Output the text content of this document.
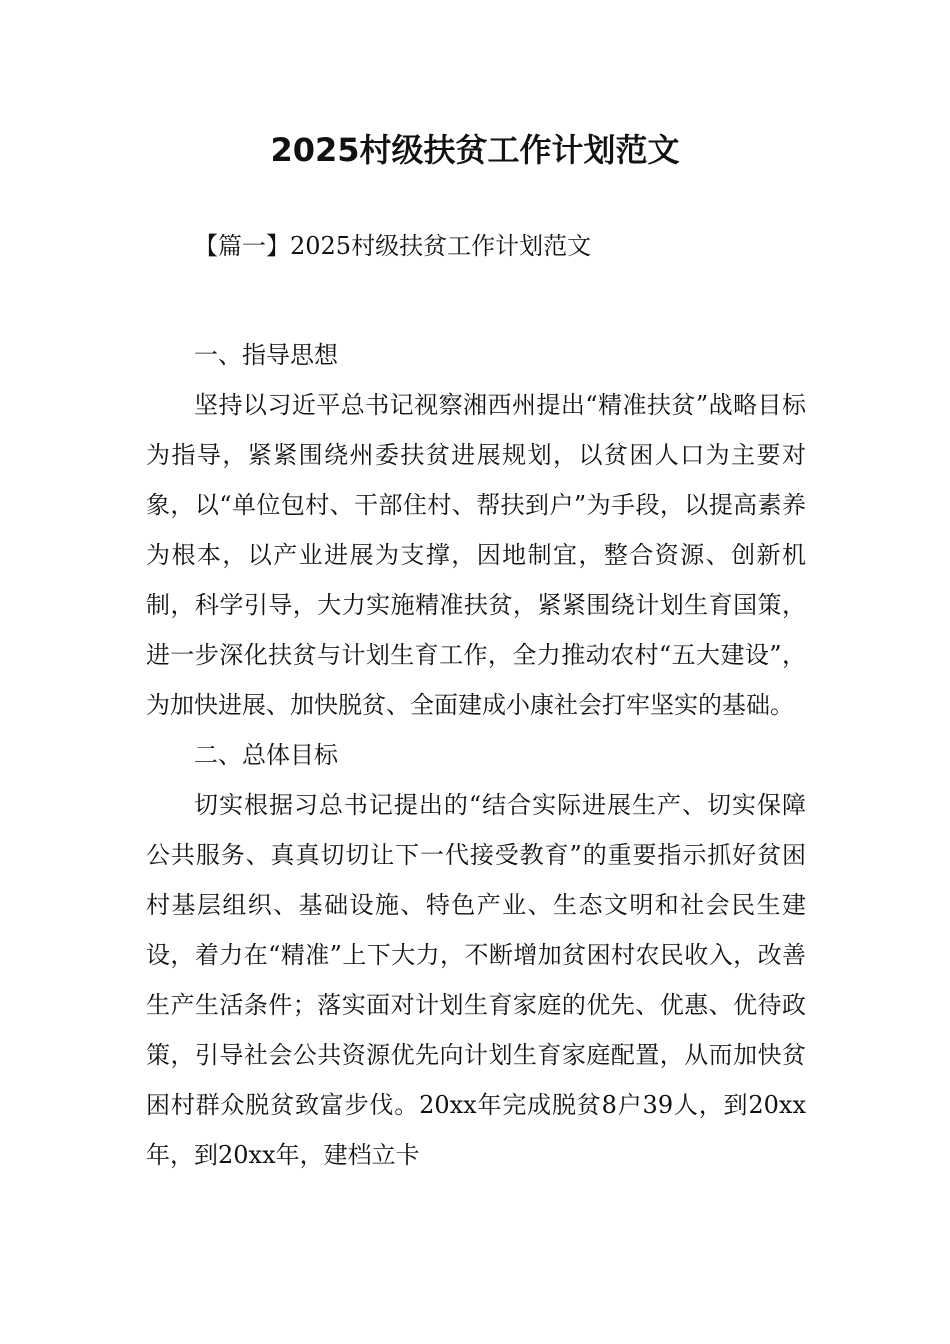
2025村级扶贫工作计划范文

【篇一】2025村级扶贫工作计划范文

一、指导思想

坚持以习近平总书记视察湘西州提出“精准扶贫”战略目标为指导，紧紧围绕州委扶贫进展规划，以贫困人口为主要对象，以“单位包村、干部住村、帮扶到户”为手段，以提高素养为根本，以产业进展为支撑，因地制宜，整合资源、创新机制，科学引导，大力实施精准扶贫，紧紧围绕计划生育国策，进一步深化扶贫与计划生育工作，全力推动农村“五大建设”，为加快进展、加快脱贫、全面建成小康社会打牢坚实的基础。

二、总体目标

切实根据习总书记提出的“结合实际进展生产、切实保障公共服务、真真切切让下一代接受教育”的重要指示抓好贫困村基层组织、基础设施、特色产业、生态文明和社会民生建设，着力在“精准”上下大力，不断增加贫困村农民收入，改善生产生活条件；落实面对计划生育家庭的优先、优惠、优待政策，引导社会公共资源优先向计划生育家庭配置，从而加快贫困村群众脱贫致富步伐。20xx年完成脱贫8户39人，到20xx年，到20xx年，建档立卡
